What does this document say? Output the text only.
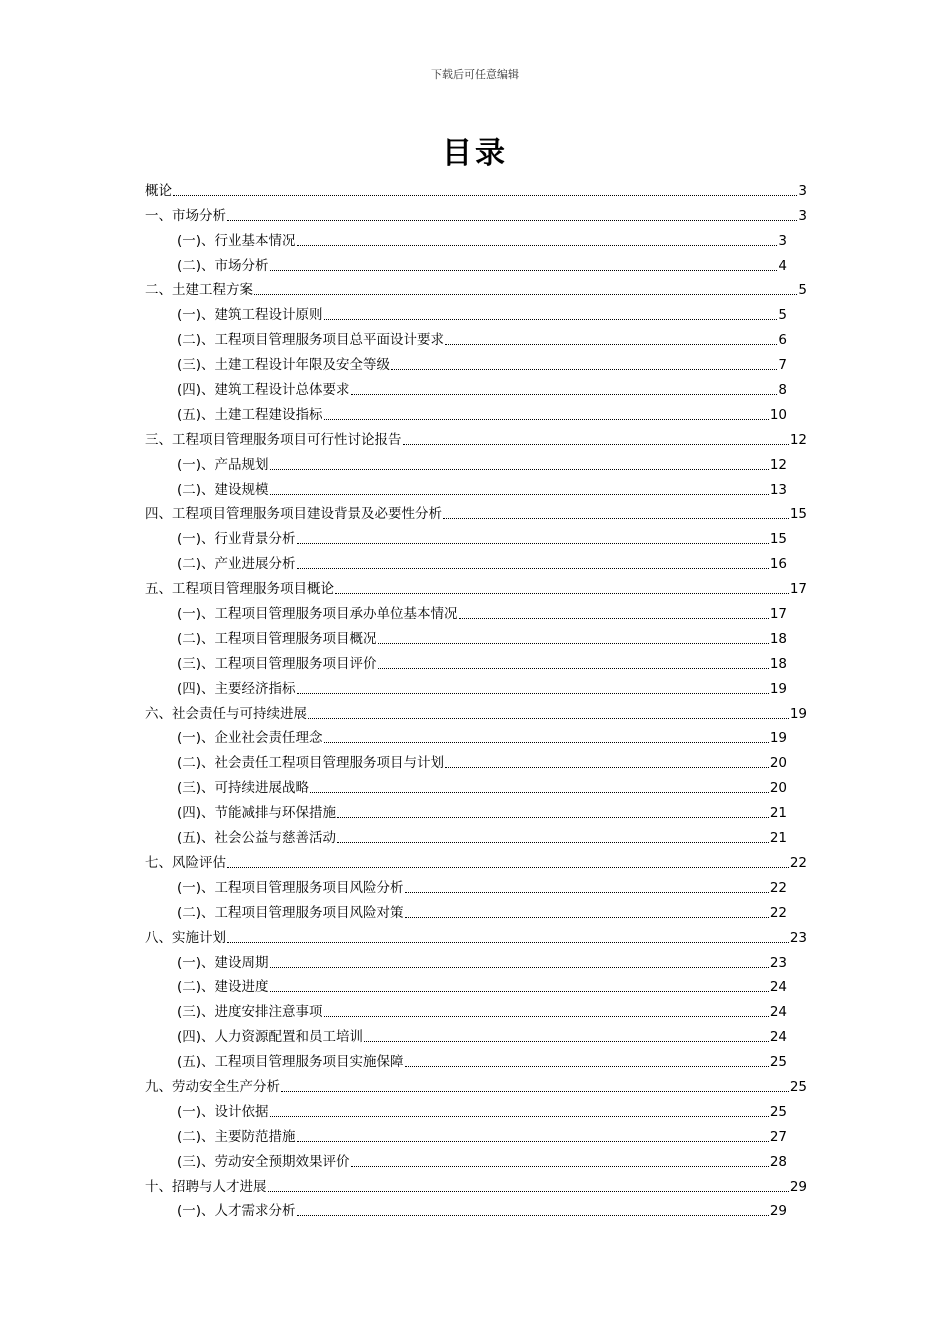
下载后可任意编辑
目录
概论	3
一、市场分析	3
(一)、行业基本情况	3
(二)、市场分析	4
二、土建工程方案	5
(一)、建筑工程设计原则	5
(二)、工程项目管理服务项目总平面设计要求	6
(三)、土建工程设计年限及安全等级	7
(四)、建筑工程设计总体要求	8
(五)、土建工程建设指标	10
三、工程项目管理服务项目可行性讨论报告	12
(一)、产品规划	12
(二)、建设规模	13
四、工程项目管理服务项目建设背景及必要性分析	15
(一)、行业背景分析	15
(二)、产业进展分析	16
五、工程项目管理服务项目概论	17
(一)、工程项目管理服务项目承办单位基本情况	17
(二)、工程项目管理服务项目概况	18
(三)、工程项目管理服务项目评价	18
(四)、主要经济指标	19
六、社会责任与可持续进展	19
(一)、企业社会责任理念	19
(二)、社会责任工程项目管理服务项目与计划	20
(三)、可持续进展战略	20
(四)、节能减排与环保措施	21
(五)、社会公益与慈善活动	21
七、风险评估	22
(一)、工程项目管理服务项目风险分析	22
(二)、工程项目管理服务项目风险对策	22
八、实施计划	23
(一)、建设周期	23
(二)、建设进度	24
(三)、进度安排注意事项	24
(四)、人力资源配置和员工培训	24
(五)、工程项目管理服务项目实施保障	25
九、劳动安全生产分析	25
(一)、设计依据	25
(二)、主要防范措施	27
(三)、劳动安全预期效果评价	28
十、招聘与人才进展	29
(一)、人才需求分析	29
